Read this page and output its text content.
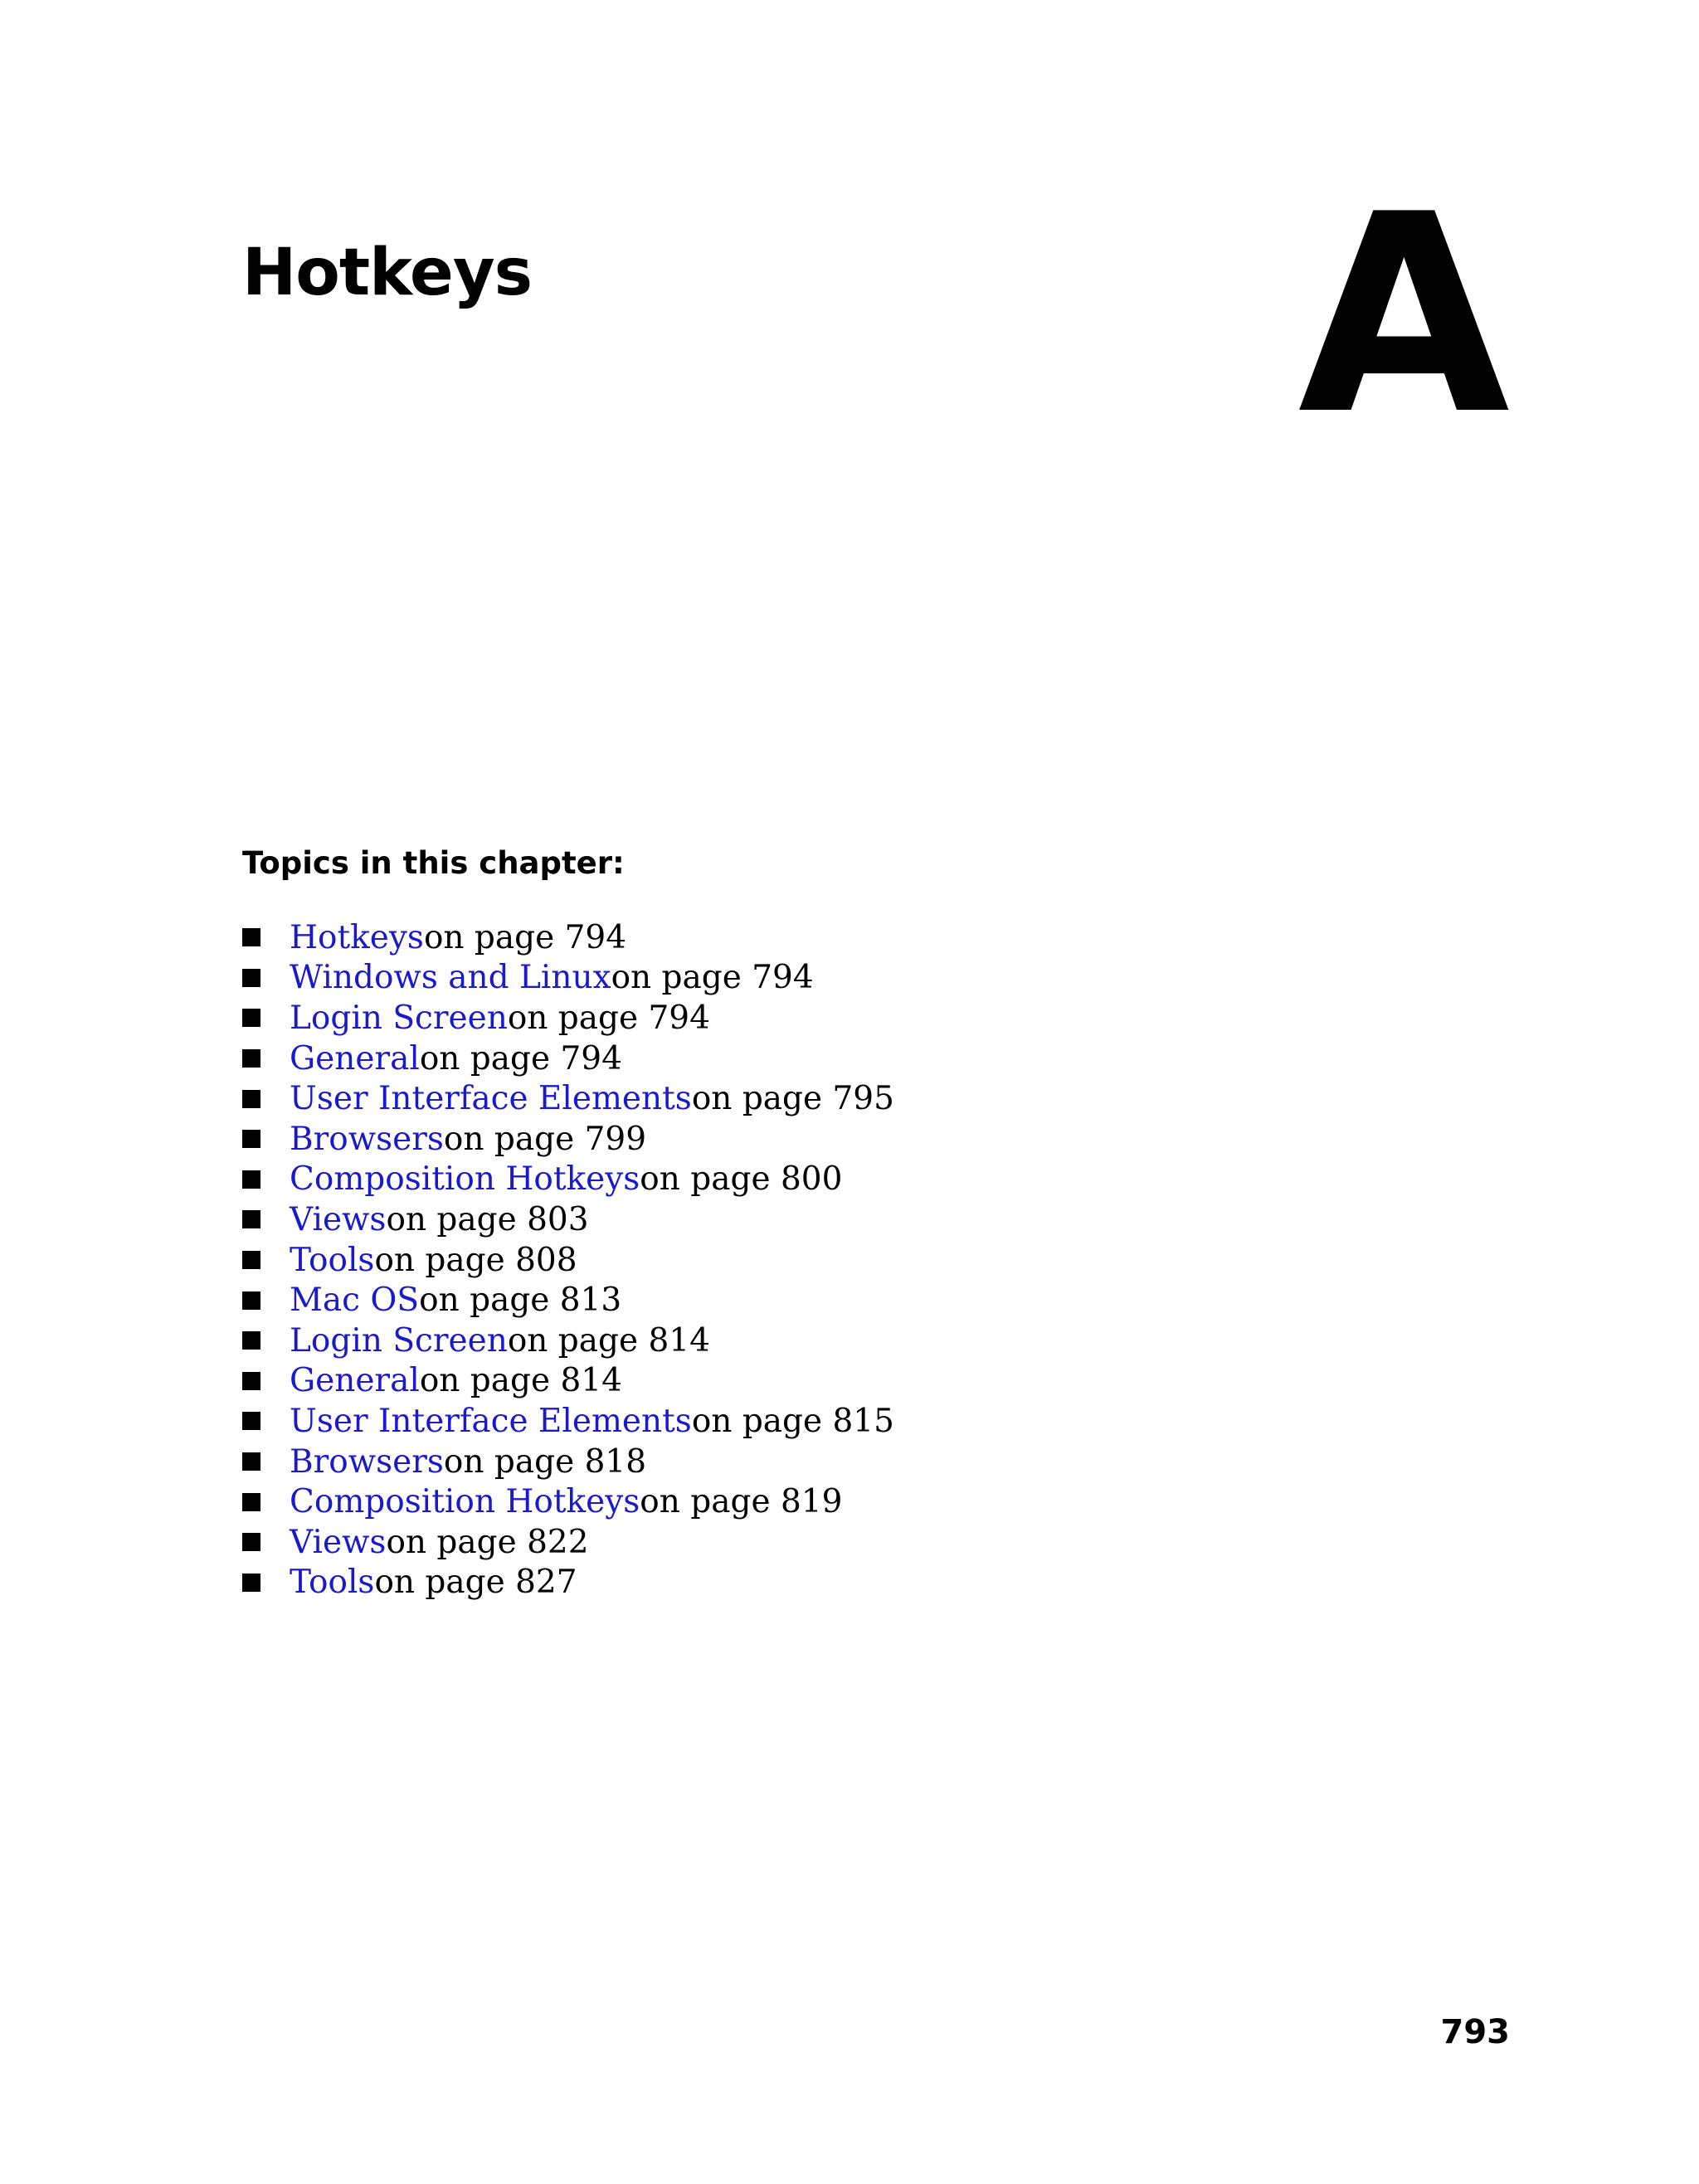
Hotkeys	A
Topics in this chapter:
Hotkeys on page 794
Windows and Linux on page 794
Login Screen on page 794
General on page 794
User Interface Elements on page 795
Browsers on page 799
Composition Hotkeys on page 800
Views on page 803
Tools on page 808
Mac OS on page 813
Login Screen on page 814
General on page 814
User Interface Elements on page 815
Browsers on page 818
Composition Hotkeys on page 819
Views on page 822
Tools on page 827
793
